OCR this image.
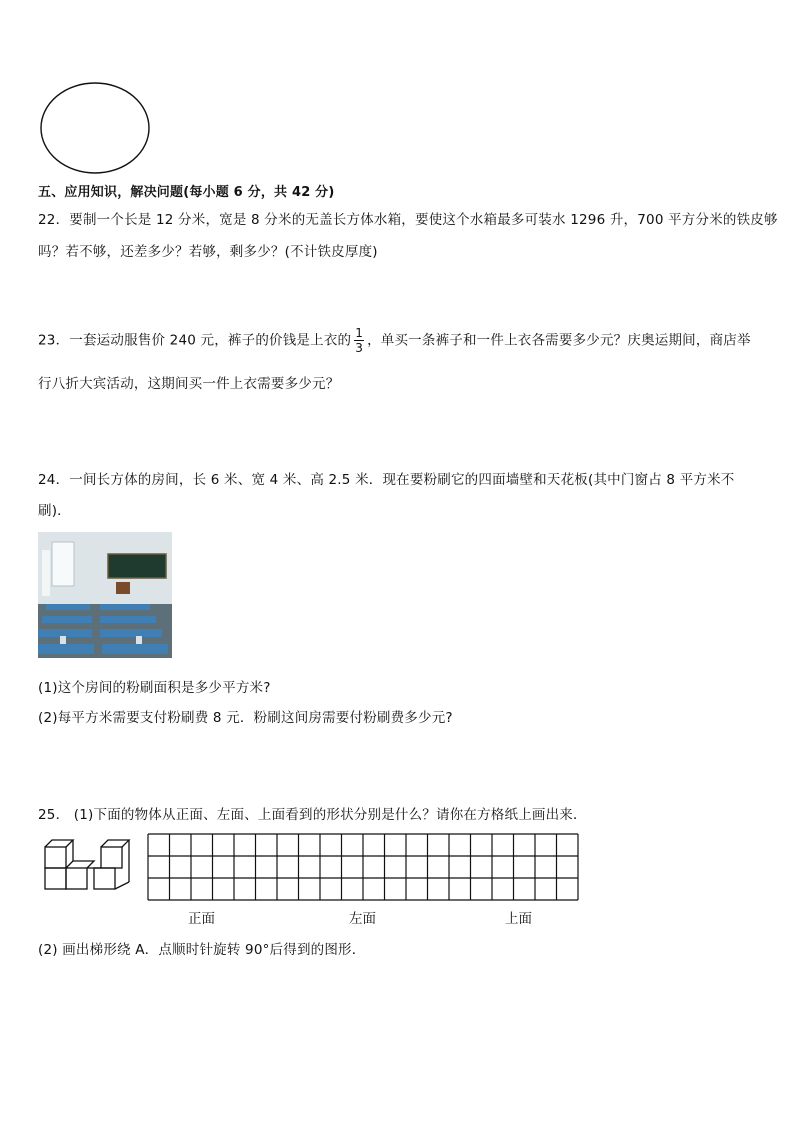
五、应用知识，解决问题(每小题 6 分，共 42 分)
22．要制一个长是 12 分米，宽是 8 分米的无盖长方体水箱，要使这个水箱最多可装水 1296 升，700 平方分米的铁皮够
吗？若不够，还差多少？若够，剩多少？(不计铁皮厚度)
23．一套运动服售价 240 元，裤子的价钱是上衣的 $\frac{1}{3}$ ，单买一条裤子和一件上衣各需要多少元？庆奥运期间，商店举
行八折大宾活动，这期间买一件上衣需要多少元？
24．一间长方体的房间，长 6 米、宽 4 米、高 2.5 米．现在要粉刷它的四面墙壁和天花板(其中门窗占 8 平方米不
刷)．
(1)这个房间的粉刷面积是多少平方米?
(2)每平方米需要支付粉刷费 8 元．粉刷这间房需要付粉刷费多少元?
25． (1)下面的物体从正面、左面、上面看到的形状分别是什么？请你在方格纸上画出来．
正面	左面	上面
(2) 画出梯形绕 A．点顺时针旋转 90°后得到的图形．
